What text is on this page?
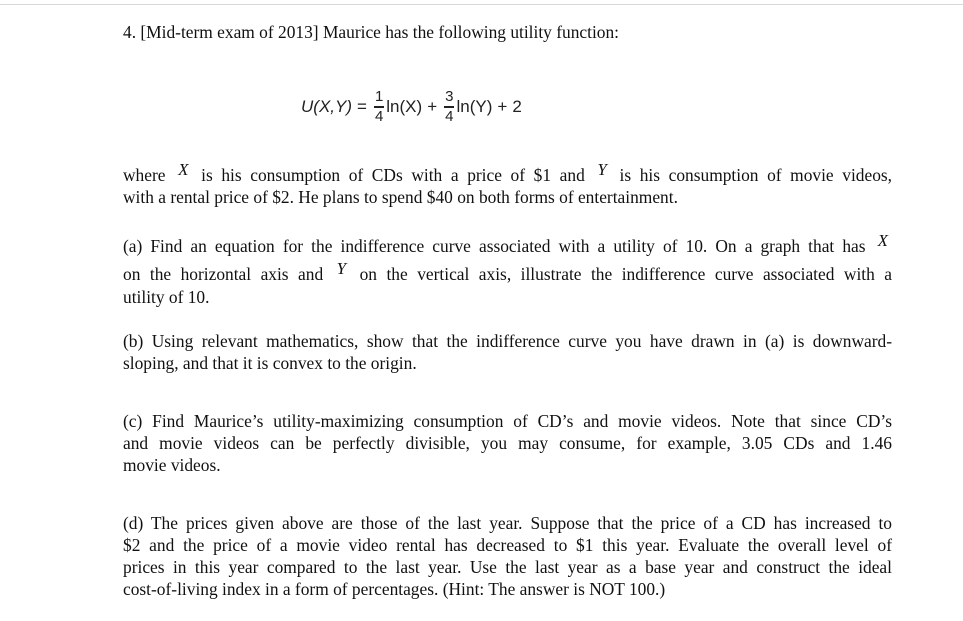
4. [Mid-term exam of 2013] Maurice has the following utility function:

$U(X,Y) = \frac{1}{4} \ln(X) + \frac{3}{4} \ln(Y) + 2$

where X is his consumption of CDs with a price of $1 and Y is his consumption of movie videos,

with a rental price of $2. He plans to spend $40 on both forms of entertainment.

(a) Find an equation for the indifference curve associated with a utility of 10. On a graph that has X

on the horizontal axis and Y on the vertical axis, illustrate the indifference curve associated with a

utility of 10.

(b) Using relevant mathematics, show that the indifference curve you have drawn in (a) is downward-

sloping, and that it is convex to the origin.

(c) Find Maurice’s utility-maximizing consumption of CD’s and movie videos. Note that since CD’s

and movie videos can be perfectly divisible, you may consume, for example, 3.05 CDs and 1.46

movie videos.

(d) The prices given above are those of the last year. Suppose that the price of a CD has increased to

$2 and the price of a movie video rental has decreased to $1 this year. Evaluate the overall level of

prices in this year compared to the last year. Use the last year as a base year and construct the ideal

cost-of-living index in a form of percentages. (Hint: The answer is NOT 100.)
